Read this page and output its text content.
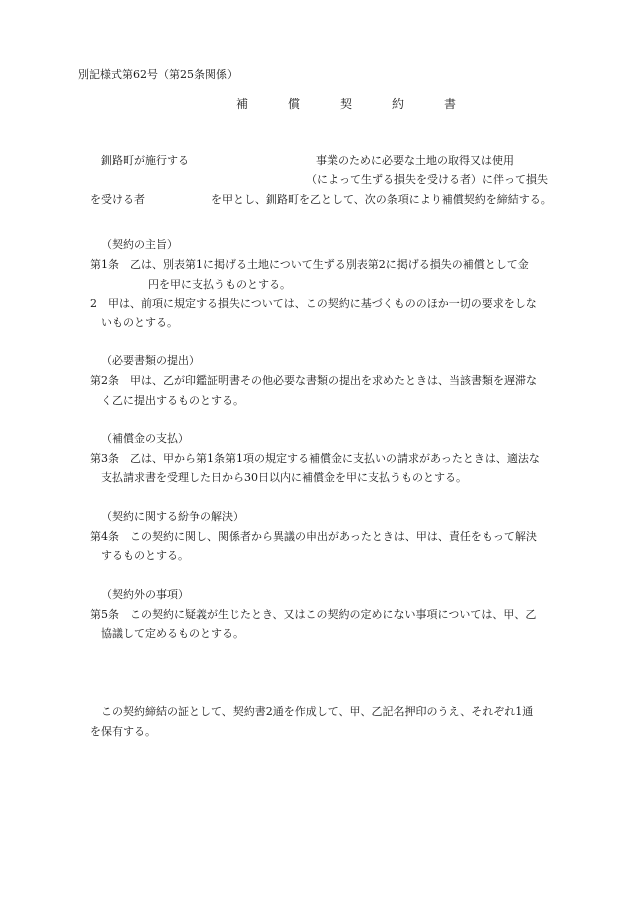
別記様式第62号（第25条関係）
補	償	契	約	書
釧路町が施行する	事業のために必要な土地の取得又は使用
（によって生ずる損失を受ける者）に伴って損失
を受ける者	を甲とし、釧路町を乙として、次の条項により補償契約を締結する。
（契約の主旨）
第1条　乙は、別表第1に掲げる土地について生ずる別表第2に掲げる損失の補償として金
円を甲に支払うものとする。
2　甲は、前項に規定する損失については、この契約に基づくもののほか一切の要求をしな
いものとする。
（必要書類の提出）
第2条　甲は、乙が印鑑証明書その他必要な書類の提出を求めたときは、当該書類を遅滞な
く乙に提出するものとする。
（補償金の支払）
第3条　乙は、甲から第1条第1項の規定する補償金に支払いの請求があったときは、適法な
支払請求書を受理した日から30日以内に補償金を甲に支払うものとする。
（契約に関する紛争の解決）
第4条　この契約に関し、関係者から異議の申出があったときは、甲は、責任をもって解決
するものとする。
（契約外の事項）
第5条　この契約に疑義が生じたとき、又はこの契約の定めにない事項については、甲、乙
協議して定めるものとする。
この契約締結の証として、契約書2通を作成して、甲、乙記名押印のうえ、それぞれ1通
を保有する。
